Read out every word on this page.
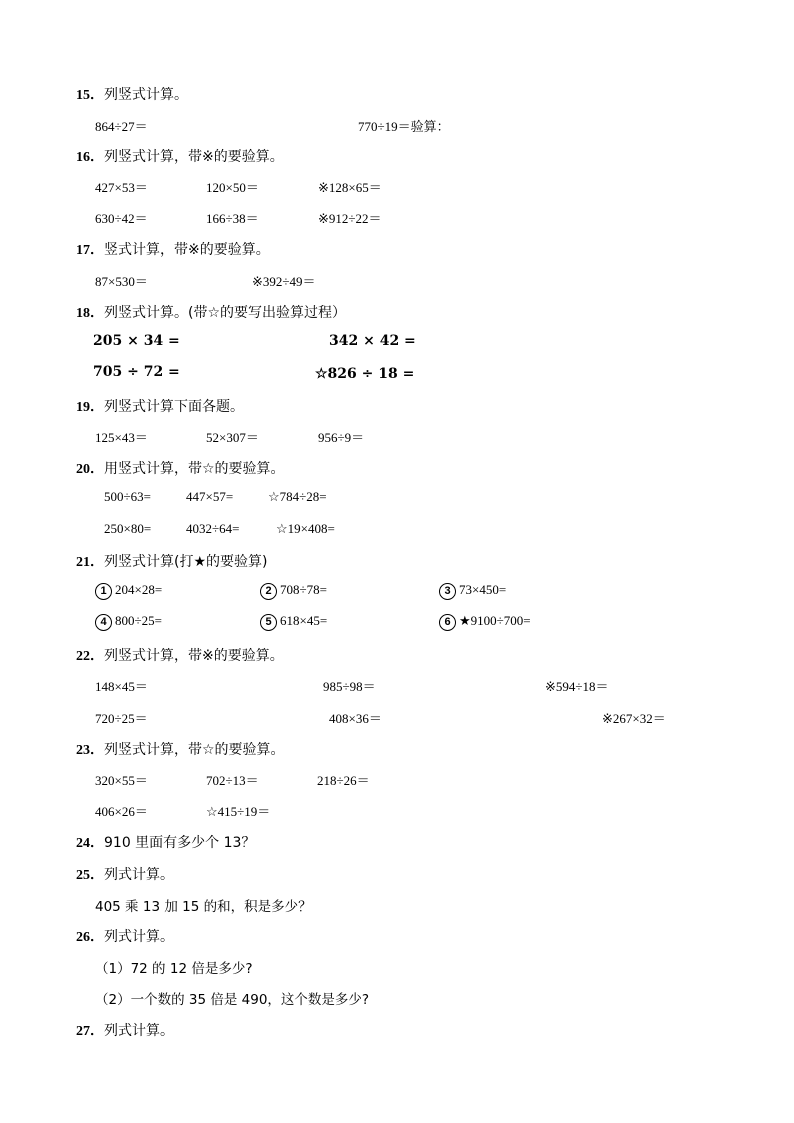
15．列竖式计算。
864÷27＝	770÷19＝验算：
16．列竖式计算，带※的要验算。
427×53＝	120×50＝	※128×65＝
630÷42＝	166÷38＝	※912÷22＝
17．竖式计算，带※的要验算。
87×530＝	※392÷49＝
18．列竖式计算。(带☆的要写出验算过程）
205 × 34 =	342 × 42 =
705 ÷ 72 =	☆826 ÷ 18 =
19．列竖式计算下面各题。
125×43＝	52×307＝	956÷9＝
20．用竖式计算，带☆的要验算。
500÷63=	447×57=	☆784÷28=
250×80=	4032÷64=	☆19×408=
21．列竖式计算(打★的要验算)
1 204×28=	2 708÷78=	3 73×450=
4 800÷25=	5 618×45=	6 ★9100÷700=
22．列竖式计算，带※的要验算。
148×45＝	985÷98＝	※594÷18＝
720÷25＝	408×36＝	※267×32＝
23．列竖式计算，带☆的要验算。
320×55＝	702÷13＝	218÷26＝
406×26＝	☆415÷19＝
24．910 里面有多少个 13？
25．列式计算。
405 乘 13 加 15 的和，积是多少？
26．列式计算。
（1）72 的 12 倍是多少?
（2）一个数的 35 倍是 490，这个数是多少?
27．列式计算。
